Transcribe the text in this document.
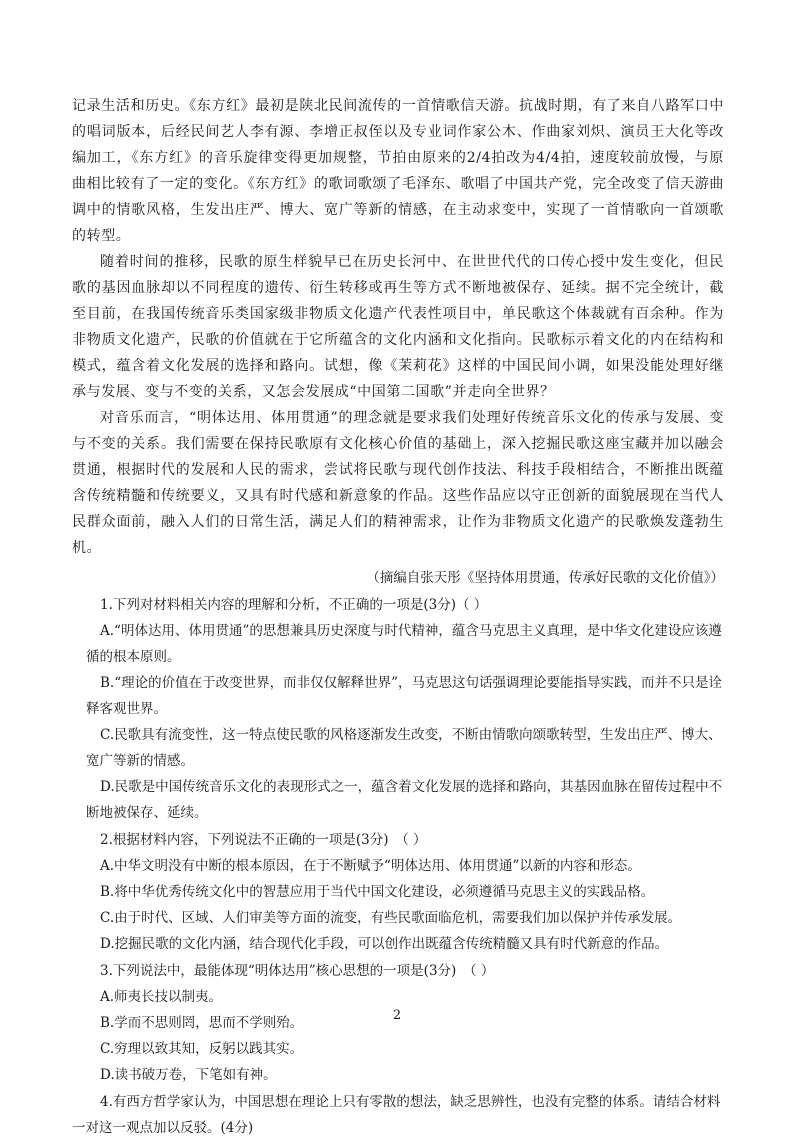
记录生活和历史。《东方红》最初是陕北民间流传的一首情歌信天游。抗战时期，有了来自八路军口中的唱词版本，后经民间艺人李有源、李增正叔侄以及专业词作家公木、作曲家刘炽、演员王大化等改编加工，《东方红》的音乐旋律变得更加规整，节拍由原来的2/4拍改为4/4拍，速度较前放慢，与原曲相比较有了一定的变化。《东方红》的歌词歌颂了毛泽东、歌唱了中国共产党，完全改变了信天游曲调中的情歌风格，生发出庄严、博大、宽广等新的情感，在主动求变中，实现了一首情歌向一首颂歌的转型。

随着时间的推移，民歌的原生样貌早已在历史长河中、在世世代代的口传心授中发生变化，但民歌的基因血脉却以不同程度的遗传、衍生转移或再生等方式不断地被保存、延续。据不完全统计，截至目前，在我国传统音乐类国家级非物质文化遗产代表性项目中，单民歌这个体裁就有百余种。作为非物质文化遗产，民歌的价值就在于它所蕴含的文化内涵和文化指向。民歌标示着文化的内在结构和模式，蕴含着文化发展的选择和路向。试想，像《茉莉花》这样的中国民间小调，如果没能处理好继承与发展、变与不变的关系，又怎会发展成“中国第二国歌”并走向全世界？

对音乐而言，“明体达用、体用贯通”的理念就是要求我们处理好传统音乐文化的传承与发展、变与不变的关系。我们需要在保持民歌原有文化核心价值的基础上，深入挖掘民歌这座宝藏并加以融会贯通，根据时代的发展和人民的需求，尝试将民歌与现代创作技法、科技手段相结合，不断推出既蕴含传统精髓和传统要义，又具有时代感和新意象的作品。这些作品应以守正创新的面貌展现在当代人民群众面前，融入人们的日常生活，满足人们的精神需求，让作为非物质文化遗产的民歌焕发蓬勃生机。

（摘编自张天彤《坚持体用贯通，传承好民歌的文化价值》）

1.下列对材料相关内容的理解和分析，不正确的一项是(3分)（ ）

A.“明体达用、体用贯通”的思想兼具历史深度与时代精神，蕴含马克思主义真理，是中华文化建设应该遵循的根本原则。

B.“理论的价值在于改变世界，而非仅仅解释世界”，马克思这句话强调理论要能指导实践，而并不只是诠释客观世界。

C.民歌具有流变性，这一特点使民歌的风格逐渐发生改变，不断由情歌向颂歌转型，生发出庄严、博大、宽广等新的情感。

D.民歌是中国传统音乐文化的表现形式之一，蕴含着文化发展的选择和路向，其基因血脉在留传过程中不断地被保存、延续。

2.根据材料内容，下列说法不正确的一项是(3分)　（ ）

A.中华文明没有中断的根本原因，在于不断赋予“明体达用、体用贯通”以新的内容和形态。

B.将中华优秀传统文化中的智慧应用于当代中国文化建设，必须遵循马克思主义的实践品格。

C.由于时代、区域、人们审美等方面的流变，有些民歌面临危机，需要我们加以保护并传承发展。

D.挖掘民歌的文化内涵，结合现代化手段，可以创作出既蕴含传统精髓又具有时代新意的作品。

3.下列说法中，最能体现“明体达用”核心思想的一项是(3分)　（ ）

A.师夷长技以制夷。

B.学而不思则罔，思而不学则殆。

C.穷理以致其知，反躬以践其实。

D.读书破万卷，下笔如有神。

4.有西方哲学家认为，中国思想在理论上只有零散的想法，缺乏思辨性，也没有完整的体系。请结合材料一对这一观点加以反驳。(4分)

2
